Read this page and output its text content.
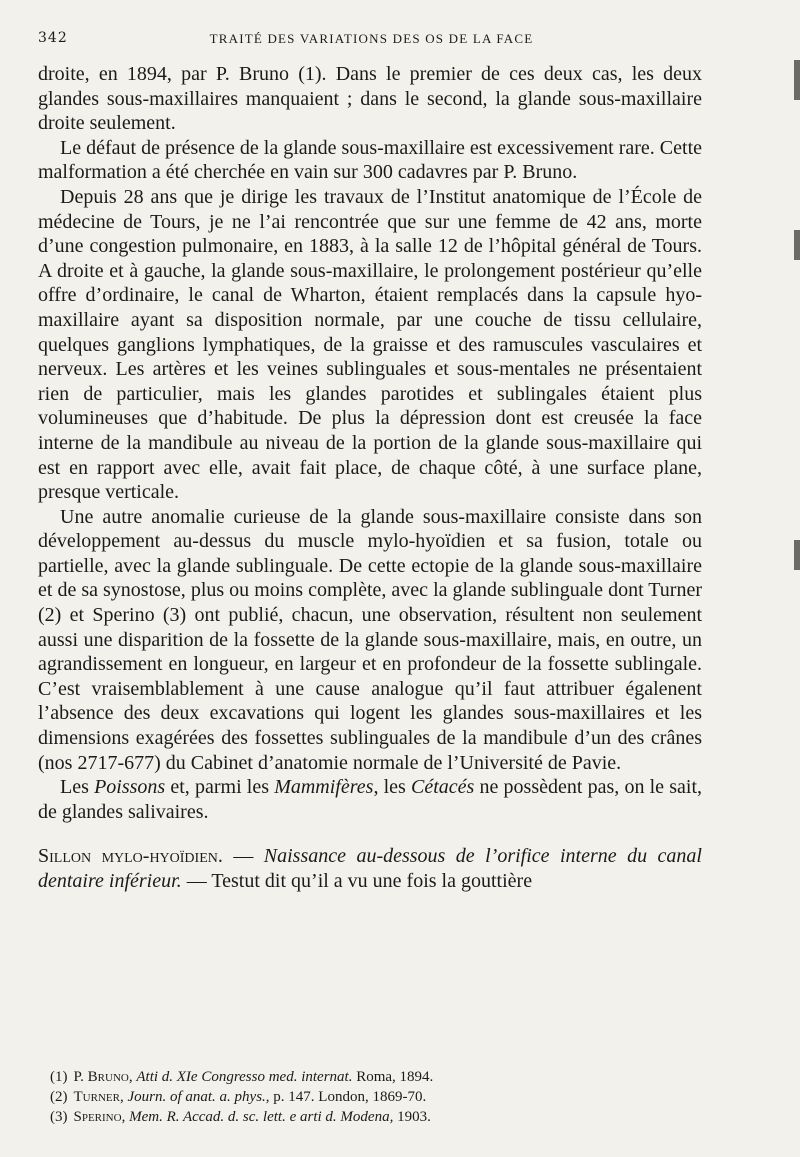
342	TRAITÉ DES VARIATIONS DES OS DE LA FACE

droite, en 1894, par P. Bruno (1). Dans le premier de ces deux cas, les deux glandes sous-maxillaires manquaient ; dans le second, la glande sous-maxillaire droite seulement.

Le défaut de présence de la glande sous-maxillaire est excessivement rare. Cette malformation a été cherchée en vain sur 300 cadavres par P. Bruno.

Depuis 28 ans que je dirige les travaux de l’Institut anatomique de l’École de médecine de Tours, je ne l’ai rencontrée que sur une femme de 42 ans, morte d’une congestion pulmonaire, en 1883, à la salle 12 de l’hôpital général de Tours. A droite et à gauche, la glande sous-maxillaire, le prolongement postérieur qu’elle offre d’ordinaire, le canal de Wharton, étaient remplacés dans la capsule hyo-maxillaire ayant sa disposition normale, par une couche de tissu cellulaire, quelques ganglions lymphatiques, de la graisse et des ramuscules vasculaires et nerveux. Les artères et les veines sublinguales et sous-mentales ne présentaient rien de particulier, mais les glandes parotides et sublingales étaient plus volumineuses que d’habitude. De plus la dépression dont est creusée la face interne de la mandibule au niveau de la portion de la glande sous-maxillaire qui est en rapport avec elle, avait fait place, de chaque côté, à une surface plane, presque verticale.

Une autre anomalie curieuse de la glande sous-maxillaire consiste dans son développement au-dessus du muscle mylo-hyoïdien et sa fusion, totale ou partielle, avec la glande sublinguale. De cette ectopie de la glande sous-maxillaire et de sa synostose, plus ou moins complète, avec la glande sublinguale dont Turner (2) et Sperino (3) ont publié, chacun, une observation, résultent non seulement aussi une disparition de la fossette de la glande sous-maxillaire, mais, en outre, un agrandissement en longueur, en largeur et en profondeur de la fossette sublingale. C’est vraisemblablement à une cause analogue qu’il faut attribuer égalenent l’absence des deux excavations qui logent les glandes sous-maxillaires et les dimensions exagérées des fossettes sublinguales de la mandibule d’un des crânes (nos 2717-677) du Cabinet d’anatomie normale de l’Université de Pavie.

Les Poissons et, parmi les Mammifères, les Cétacés ne possèdent pas, on le sait, de glandes salivaires.

Sillon mylo-hyoïdien. — Naissance au-dessous de l’orifice interne du canal dentaire inférieur. — Testut dit qu’il a vu une fois la gouttière

(1) P. Bruno, Atti d. XIe Congresso med. internat. Roma, 1894.
(2) Turner, Journ. of anat. a. phys., p. 147. London, 1869-70.
(3) Sperino, Mem. R. Accad. d. sc. lett. e arti d. Modena, 1903.
